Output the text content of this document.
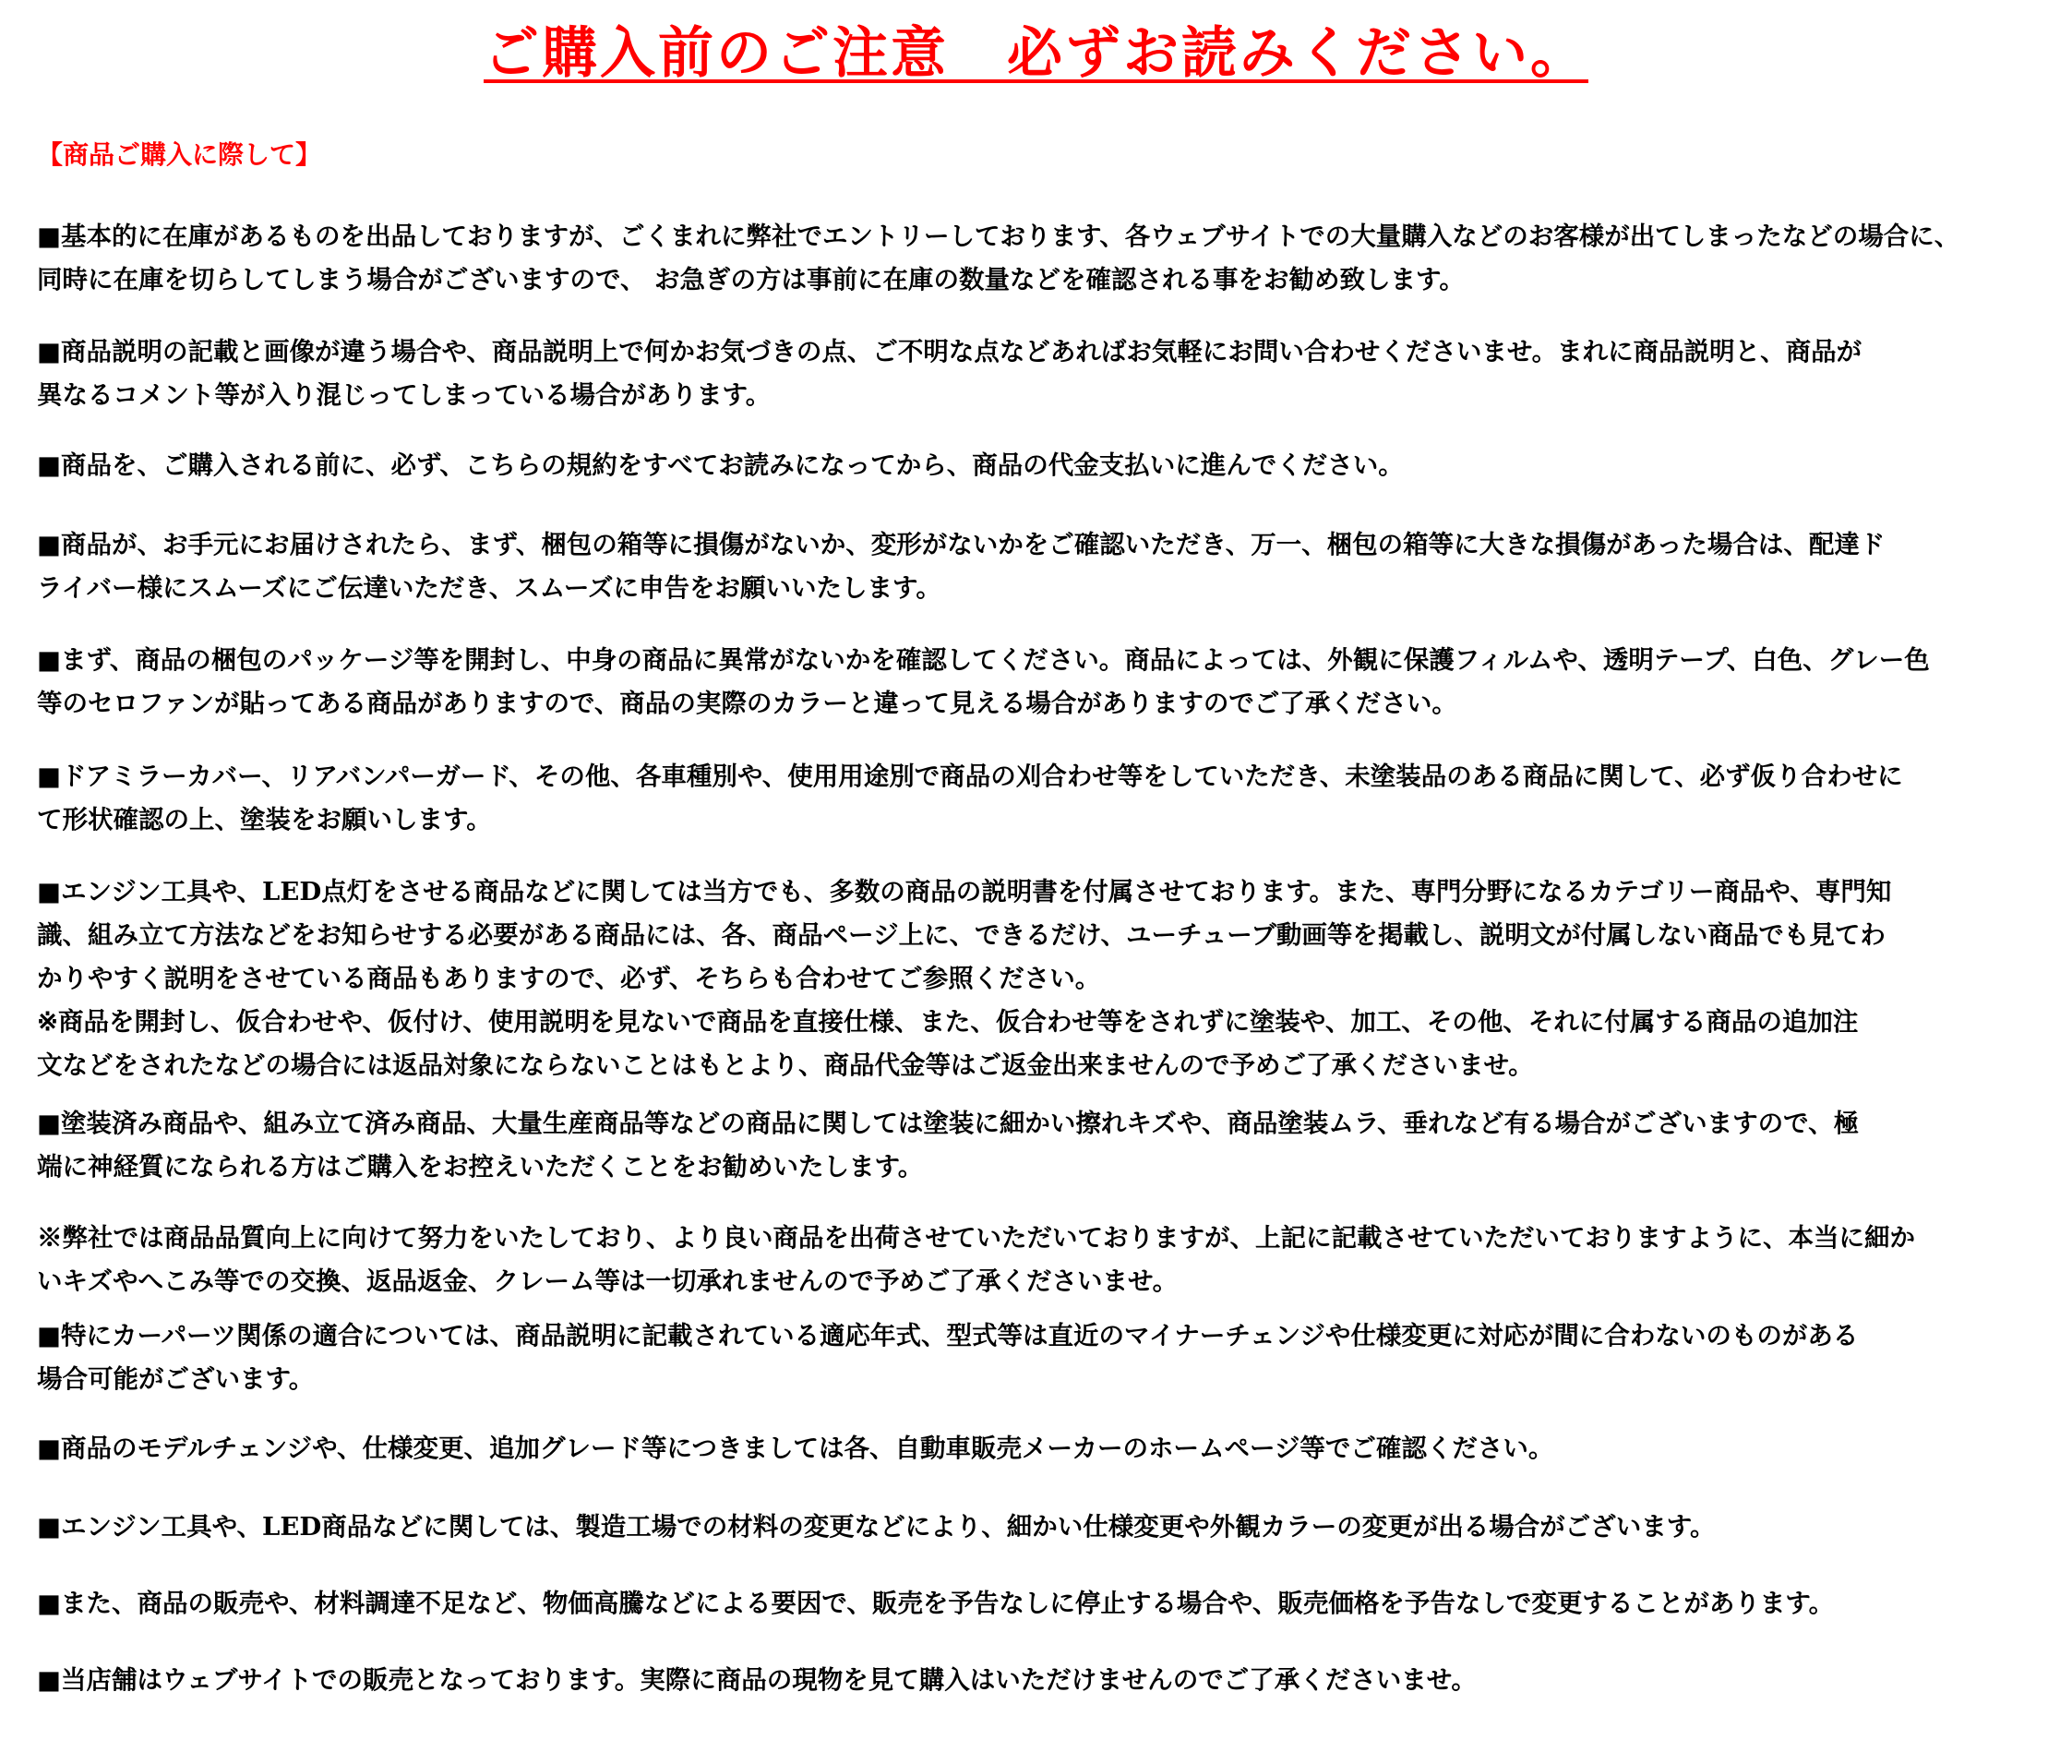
ご購入前のご注意　必ずお読みください。
【商品ご購入に際して】

■基本的に在庫があるものを出品しておりますが、ごくまれに弊社でエントリーしております、各ウェブサイトでの大量購入などのお客様が出てしまったなどの場合に、
同時に在庫を切らしてしまう場合がございますので、 お急ぎの方は事前に在庫の数量などを確認される事をお勧め致します。

■商品説明の記載と画像が違う場合や、商品説明上で何かお気づきの点、ご不明な点などあればお気軽にお問い合わせくださいませ。まれに商品説明と、商品が
異なるコメント等が入り混じってしまっている場合があります。

■商品を、ご購入される前に、必ず、こちらの規約をすべてお読みになってから、商品の代金支払いに進んでください。

■商品が、お手元にお届けされたら、まず、梱包の箱等に損傷がないか、変形がないかをご確認いただき、万一、梱包の箱等に大きな損傷があった場合は、配達ド
ライバー様にスムーズにご伝達いただき、スムーズに申告をお願いいたします。

■まず、商品の梱包のパッケージ等を開封し、中身の商品に異常がないかを確認してください。商品によっては、外観に保護フィルムや、透明テープ、白色、グレー色
等のセロファンが貼ってある商品がありますので、商品の実際のカラーと違って見える場合がありますのでご了承ください。

■ドアミラーカバー、リアバンパーガード、その他、各車種別や、使用用途別で商品の刈合わせ等をしていただき、未塗装品のある商品に関して、必ず仮り合わせに
て形状確認の上、塗装をお願いします。

■エンジン工具や、LED点灯をさせる商品などに関しては当方でも、多数の商品の説明書を付属させております。また、専門分野になるカテゴリー商品や、専門知
識、組み立て方法などをお知らせする必要がある商品には、各、商品ページ上に、できるだけ、ユーチューブ動画等を掲載し、説明文が付属しない商品でも見てわ
かりやすく説明をさせている商品もありますので、必ず、そちらも合わせてご参照ください。
※商品を開封し、仮合わせや、仮付け、使用説明を見ないで商品を直接仕様、また、仮合わせ等をされずに塗装や、加工、その他、それに付属する商品の追加注
文などをされたなどの場合には返品対象にならないことはもとより、商品代金等はご返金出来ませんので予めご了承くださいませ。

■塗装済み商品や、組み立て済み商品、大量生産商品等などの商品に関しては塗装に細かい擦れキズや、商品塗装ムラ、垂れなど有る場合がございますので、極
端に神経質になられる方はご購入をお控えいただくことをお勧めいたします。

※弊社では商品品質向上に向けて努力をいたしており、より良い商品を出荷させていただいておりますが、上記に記載させていただいておりますように、本当に細か
いキズやへこみ等での交換、返品返金、クレーム等は一切承れませんので予めご了承くださいませ。

■特にカーパーツ関係の適合については、商品説明に記載されている適応年式、型式等は直近のマイナーチェンジや仕様変更に対応が間に合わないのものがある
場合可能がございます。

■商品のモデルチェンジや、仕様変更、追加グレード等につきましては各、自動車販売メーカーのホームページ等でご確認ください。

■エンジン工具や、LED商品などに関しては、製造工場での材料の変更などにより、細かい仕様変更や外観カラーの変更が出る場合がございます。

■また、商品の販売や、材料調達不足など、物価高騰などによる要因で、販売を予告なしに停止する場合や、販売価格を予告なしで変更することがあります。

■当店舗はウェブサイトでの販売となっております。実際に商品の現物を見て購入はいただけませんのでご了承くださいませ。
